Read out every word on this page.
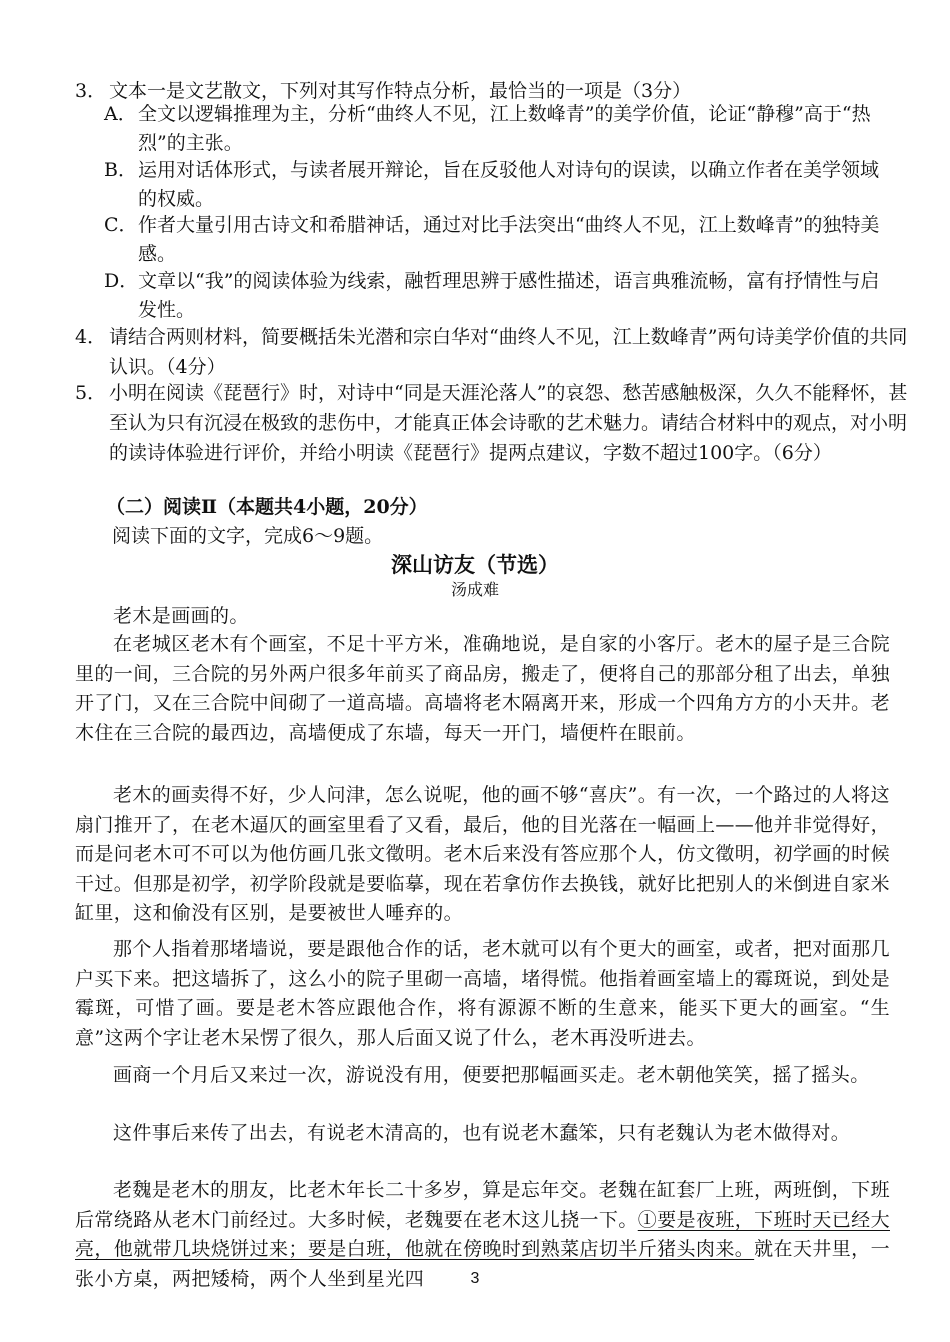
3． 文本一是文艺散文，下列对其写作特点分析，最恰当的一项是（3分）
A． 全文以逻辑推理为主，分析“曲终人不见，江上数峰青”的美学价值，论证“静穆”高于“热烈”的主张。
B． 运用对话体形式，与读者展开辩论，旨在反驳他人对诗句的误读，以确立作者在美学领域的权威。
C． 作者大量引用古诗文和希腊神话，通过对比手法突出“曲终人不见，江上数峰青”的独特美感。
D． 文章以“我”的阅读体验为线索，融哲理思辨于感性描述，语言典雅流畅，富有抒情性与启发性。
4． 请结合两则材料，简要概括朱光潜和宗白华对“曲终人不见，江上数峰青”两句诗美学价值的共同认识。（4分）
5． 小明在阅读《琵琶行》时，对诗中“同是天涯沦落人”的哀怨、愁苦感触极深，久久不能释怀，甚至认为只有沉浸在极致的悲伤中，才能真正体会诗歌的艺术魅力。请结合材料中的观点，对小明的读诗体验进行评价，并给小明读《琵琶行》提两点建议，字数不超过100字。（6分）
（二）阅读Ⅱ（本题共4小题，20分）
阅读下面的文字，完成6～9题。
深山访友（节选）
汤成难
老木是画画的。
在老城区老木有个画室，不足十平方米，准确地说，是自家的小客厅。老木的屋子是三合院里的一间，三合院的另外两户很多年前买了商品房，搬走了，便将自己的那部分租了出去，单独开了门，又在三合院中间砌了一道高墙。高墙将老木隔离开来，形成一个四角方方的小天井。老木住在三合院的最西边，高墙便成了东墙，每天一开门，墙便杵在眼前。
老木的画卖得不好，少人问津，怎么说呢，他的画不够“喜庆”。有一次，一个路过的人将这扇门推开了，在老木逼仄的画室里看了又看，最后，他的目光落在一幅画上——他并非觉得好，而是问老木可不可以为他仿画几张文徵明。老木后来没有答应那个人，仿文徵明，初学画的时候干过。但那是初学，初学阶段就是要临摹，现在若拿仿作去换钱，就好比把别人的米倒进自家米缸里，这和偷没有区别，是要被世人唾弃的。
那个人指着那堵墙说，要是跟他合作的话，老木就可以有个更大的画室，或者，把对面那几户买下来。把这墙拆了，这么小的院子里砌一高墙，堵得慌。他指着画室墙上的霉斑说，到处是霉斑，可惜了画。要是老木答应跟他合作，将有源源不断的生意来，能买下更大的画室。“生意”这两个字让老木呆愣了很久，那人后面又说了什么，老木再没听进去。
画商一个月后又来过一次，游说没有用，便要把那幅画买走。老木朝他笑笑，摇了摇头。
这件事后来传了出去，有说老木清高的，也有说老木蠢笨，只有老魏认为老木做得对。
老魏是老木的朋友，比老木年长二十多岁，算是忘年交。老魏在缸套厂上班，两班倒，下班后常绕路从老木门前经过。大多时候，老魏要在老木这儿挠一下。①要是夜班，下班时天已经大亮，他就带几块烧饼过来；要是白班，他就在傍晚时到熟菜店切半斤猪头肉来。就在天井里，一张小方桌，两把矮椅，两个人坐到星光四	3
